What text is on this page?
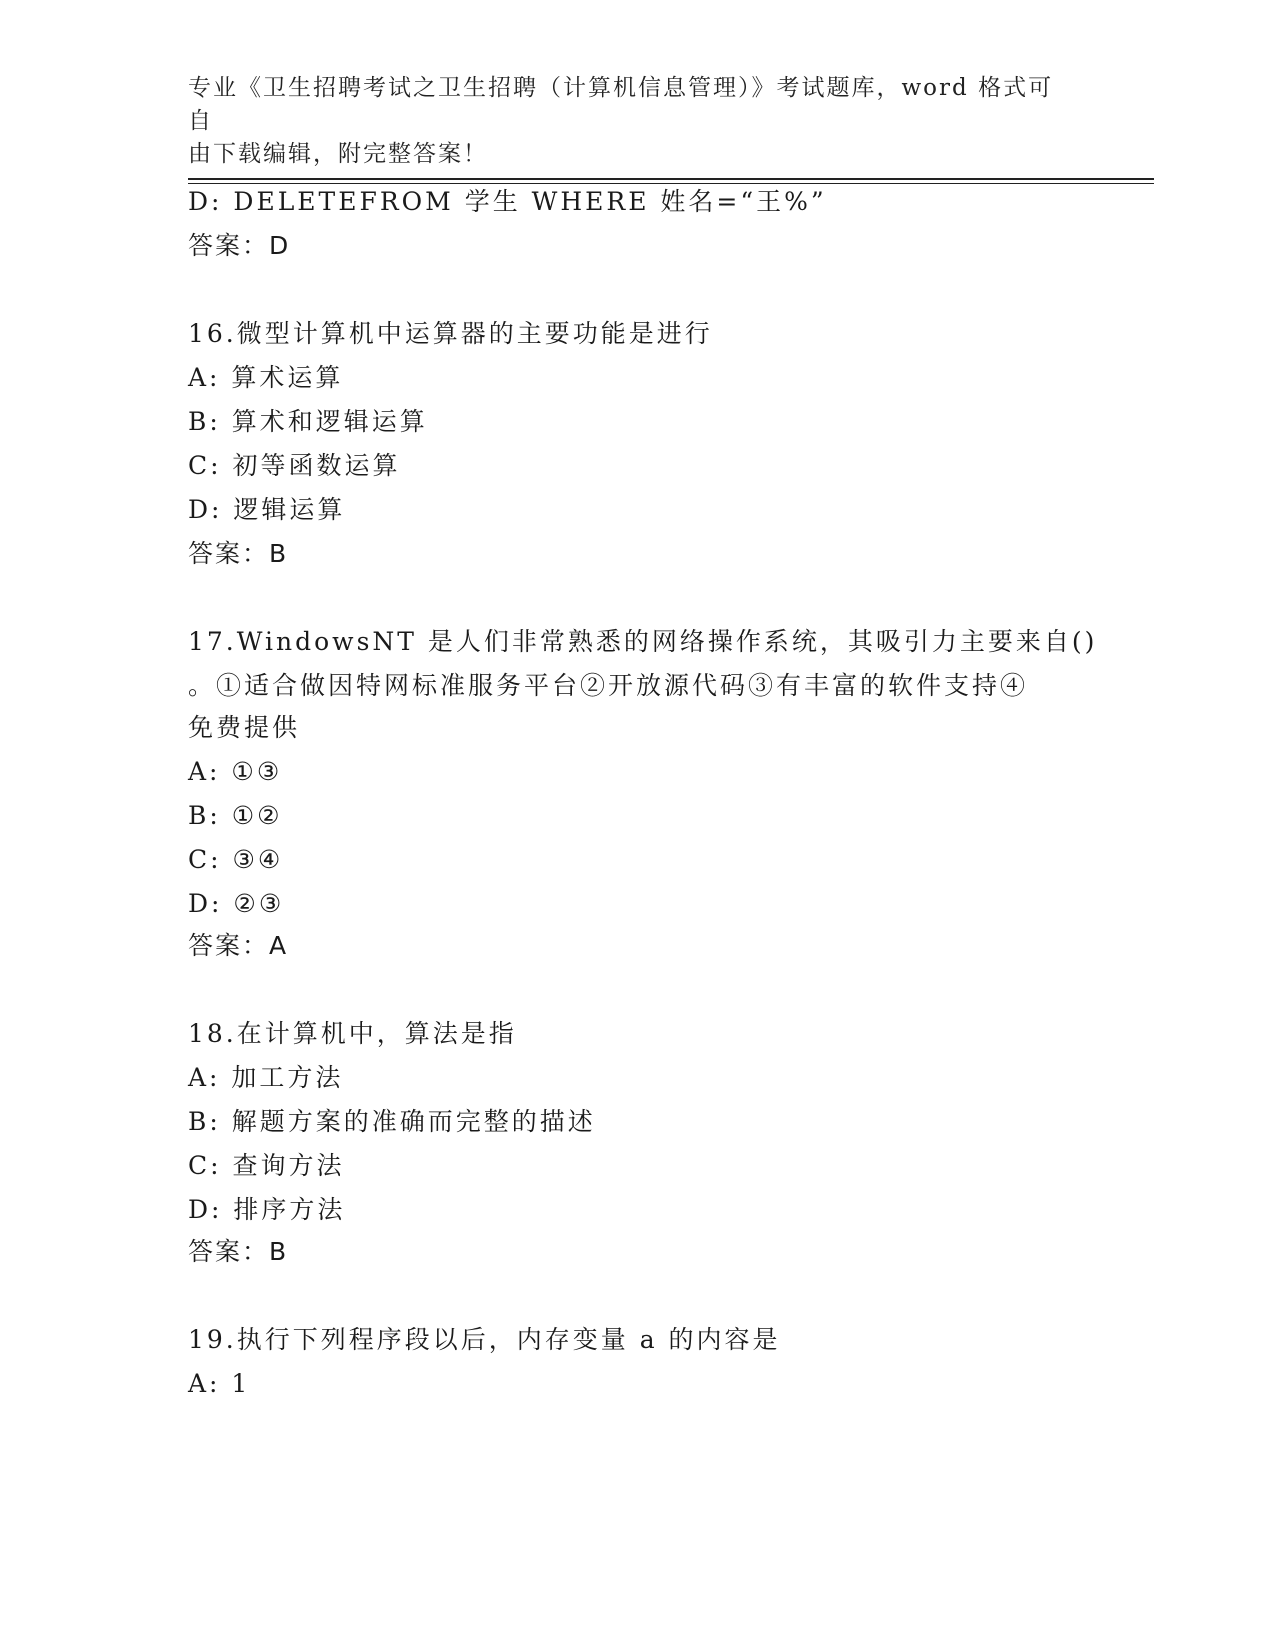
专业《卫生招聘考试之卫生招聘（计算机信息管理）》考试题库，word 格式可自
由下载编辑，附完整答案！
D: DELETEFROM 学生 WHERE 姓名=“王%”
答案：D
16.微型计算机中运算器的主要功能是进行
A: 算术运算
B: 算术和逻辑运算
C: 初等函数运算
D: 逻辑运算
答案：B
17.WindowsNT 是人们非常熟悉的网络操作系统，其吸引力主要来自()
。①适合做因特网标准服务平台②开放源代码③有丰富的软件支持④
免费提供
A: ①③
B: ①②
C: ③④
D: ②③
答案：A
18.在计算机中，算法是指
A: 加工方法
B: 解题方案的准确而完整的描述
C: 查询方法
D: 排序方法
答案：B
19.执行下列程序段以后，内存变量 a 的内容是
A: 1
